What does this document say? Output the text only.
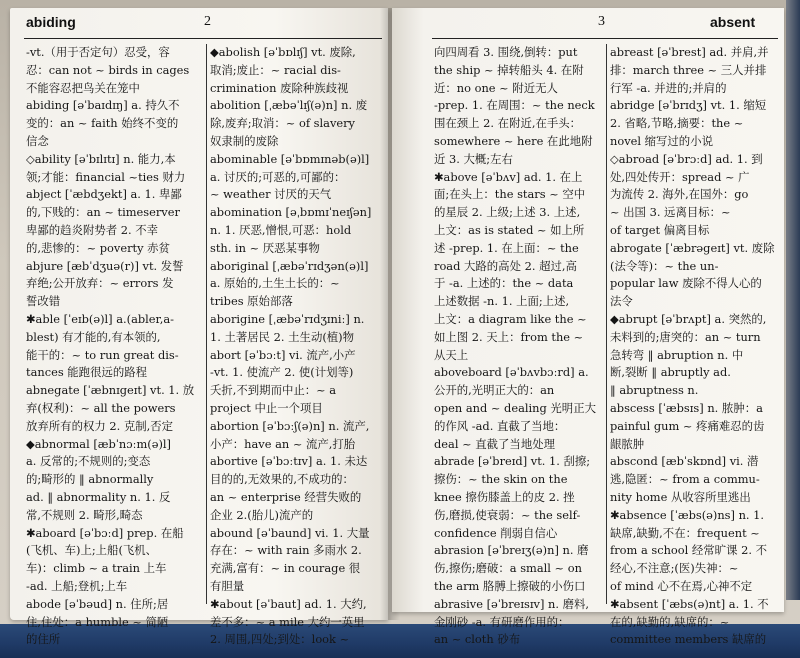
abiding	2
-vt.（用于否定句）忍受，容
忍：can not ~ birds in cages
不能容忍把鸟关在笼中
abiding [əˈbaɪdɪŋ] a. 持久不
变的：an ~ faith 始终不变的
信念
◇ability [əˈbɪlɪtɪ] n. 能力,本
领;才能：financial ~ties 财力
abject [ˈæbdʒekt] a. 1. 卑鄙
的,下贱的：an ~ timeserver
卑鄙的趋炎附势者 2. 不幸
的,悲惨的：~ poverty 赤贫
abjure [æbˈdʒuə(r)] vt. 发誓
弃绝;公开放弃：~ errors 发
誓改错
✱able [ˈeɪb(ə)l] a.(abler,a-
blest) 有才能的,有本领的,
能干的：~ to run great dis-
tances 能跑很远的路程
abnegate [ˈæbnɪgeɪt] vt. 1. 放
弃(权利)：~ all the powers
放弃所有的权力 2. 克制,否定
◆abnormal [æbˈnɔːm(ə)l]
a. 反常的;不规则的;变态
的;畸形的 ‖ abnormally
ad. ‖ abnormality n. 1. 反
常,不规则 2. 畸形,畸态
✱aboard [əˈbɔːd] prep. 在船
(飞机、车)上;上船(飞机、
车)：climb ~ a train 上车
-ad. 上船;登机;上车
abode [əˈbəud] n. 住所;居
住,住处：a humble ~ 简陋
的住所
◆abolish [əˈbɒlɪʃ] vt. 废除,
取消;废止：~ racial dis-
crimination 废除种族歧视
abolition [ˌæbəˈlɪʃ(ə)n] n. 废
除,废弃;取消：~ of slavery
奴隶制的废除
abominable [əˈbɒmɪnəb(ə)l]
a. 讨厌的;可恶的,可鄙的：
~ weather 讨厌的天气
abomination [əˌbɒmɪˈneɪʃən]
n. 1. 厌恶,憎恨,可恶：hold
sth. in ~ 厌恶某事物
aboriginal [ˌæbəˈrɪdʒən(ə)l]
a. 原始的,土生土长的：~
tribes 原始部落
aborigine [ˌæbəˈrɪdʒɪniː] n.
1. 土著居民 2. 土生动(植)物
abort [əˈbɔːt] vi. 流产,小产
-vt. 1. 使流产 2. 使(计划等)
夭折,不到期而中止：~ a
project 中止一个项目
abortion [əˈbɔːʃ(ə)n] n. 流产,
小产：have an ~ 流产,打胎
abortive [əˈbɔːtɪv] a. 1. 未达
目的的,无效果的,不成功的：
an ~ enterprise 经营失败的
企业 2.(胎儿)流产的
abound [əˈbaund] vi. 1. 大量
存在：~ with rain 多雨水 2.
充满,富有：~ in courage 很
有胆量
✱about [əˈbaut] ad. 1. 大约,
差不多：~ a mile 大约一英里
2. 周围,四处;到处：look ~
3	absent
向四周看 3. 围绕,倒转：put
the ship ~ 掉转船头 4. 在附
近：no one ~ 附近无人
-prep. 1. 在周围：~ the neck
围在颈上 2. 在附近,在手头：
somewhere ~ here 在此地附
近 3. 大概;左右
✱above [əˈbʌv] ad. 1. 在上
面;在头上：the stars ~ 空中
的星辰 2. 上级;上述 3. 上述,
上文：as is stated ~ 如上所
述 -prep. 1. 在上面：~ the
road 大路的高处 2. 超过,高
于 -a. 上述的：the ~ data
上述数据 -n. 1. 上面;上述,
上文：a diagram like the ~
如上图 2. 天上：from the ~
从天上
aboveboard [əˈbʌvbɔːrd] a.
公开的,光明正大的：an
open and ~ dealing 光明正大
的作风 -ad. 直截了当地：
deal ~ 直截了当地处理
abrade [əˈbreɪd] vt. 1. 刮擦;
擦伤：~ the skin on the
knee 擦伤膝盖上的皮 2. 挫
伤,磨损,使衰弱：~ the self-
confidence 削弱自信心
abrasion [əˈbreɪʒ(ə)n] n. 磨
伤,擦伤;磨破：a small ~ on
the arm 胳膊上擦破的小伤口
abrasive [əˈbreɪsɪv] n. 磨料,
金刚砂 -a. 有研磨作用的：
an ~ cloth 砂布
abreast [əˈbrest] ad. 并肩,并
排：march three ~ 三人并排
行军 -a. 并进的;并肩的
abridge [əˈbrɪdʒ] vt. 1. 缩短
2. 省略,节略,摘要：the ~
novel 缩写过的小说
◇abroad [əˈbrɔːd] ad. 1. 到
处,四处传开：spread ~ 广
为流传 2. 海外,在国外：go
~ 出国 3. 远离目标：~
of target 偏离目标
abrogate [ˈæbrəgeɪt] vt. 废除
(法令等)：~ the un-
popular law 废除不得人心的
法令
◆abrupt [əˈbrʌpt] a. 突然的,
未料到的;唐突的：an ~ turn
急转弯 ‖ abruption n. 中
断,裂断 ‖ abruptly ad.
‖ abruptness n.
abscess [ˈæbsɪs] n. 脓肿：a
painful gum ~ 疼痛难忍的齿
龈脓肿
abscond [æbˈskɒnd] vi. 潜
逃,隐匿：~ from a commu-
nity home 从收容所里逃出
✱absence [ˈæbs(ə)ns] n. 1.
缺席,缺勤,不在：frequent ~
from a school 经常旷课 2. 不
经心,不注意;(医)失神：~
of mind 心不在焉,心神不定
✱absent [ˈæbs(ə)nt] a. 1. 不
在的,缺勤的,缺席的：~
committee members 缺席的
